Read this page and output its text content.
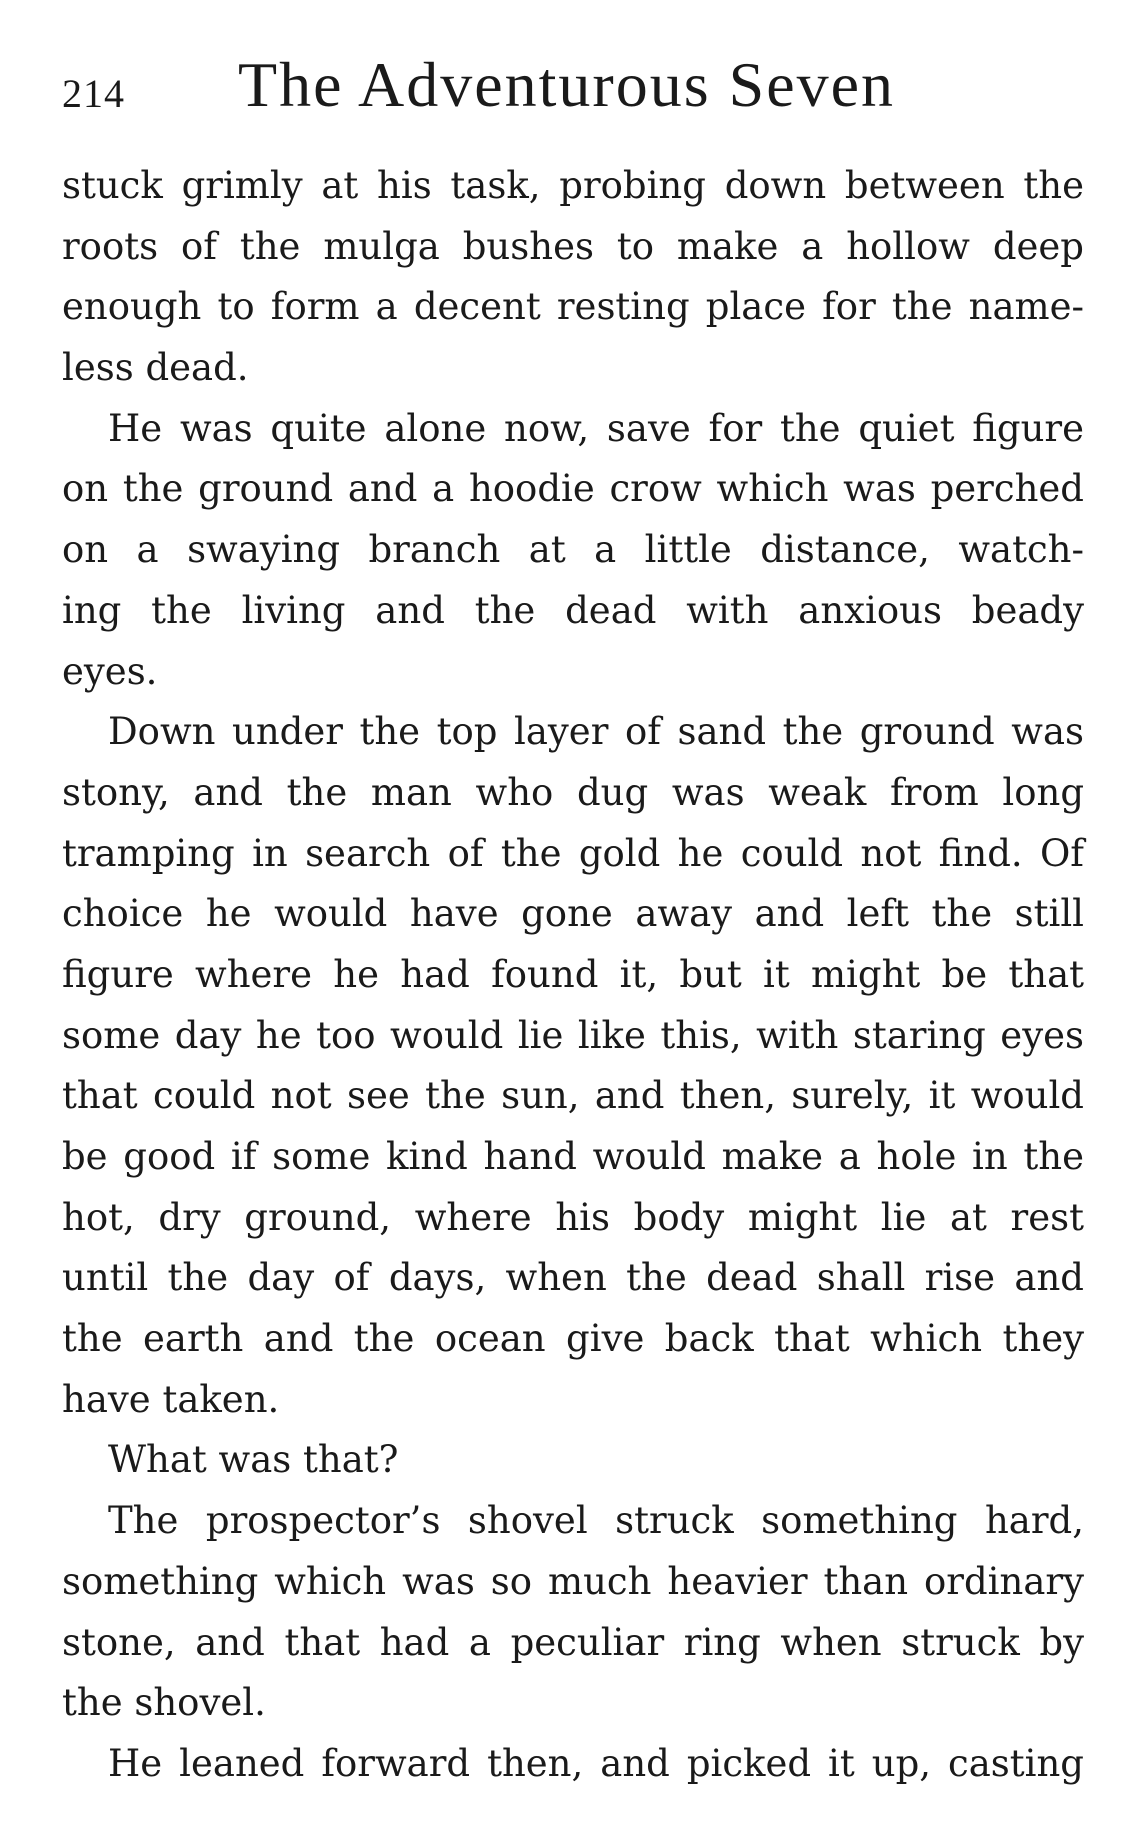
214 The Adventurous Seven
stuck grimly at his task, probing down between the
roots of the mulga bushes to make a hollow deep
enough to form a decent resting place for the name-
less dead.
He was quite alone now, save for the quiet figure
on the ground and a hoodie crow which was perched
on a swaying branch at a little distance, watch-
ing the living and the dead with anxious beady
eyes.
Down under the top layer of sand the ground was
stony, and the man who dug was weak from long
tramping in search of the gold he could not find. Of
choice he would have gone away and left the still
figure where he had found it, but it might be that
some day he too would lie like this, with staring eyes
that could not see the sun, and then, surely, it would
be good if some kind hand would make a hole in the
hot, dry ground, where his body might lie at rest
until the day of days, when the dead shall rise and
the earth and the ocean give back that which they
have taken.
What was that?
The prospector’s shovel struck something hard,
something which was so much heavier than ordinary
stone, and that had a peculiar ring when struck by
the shovel.
He leaned forward then, and picked it up, casting
